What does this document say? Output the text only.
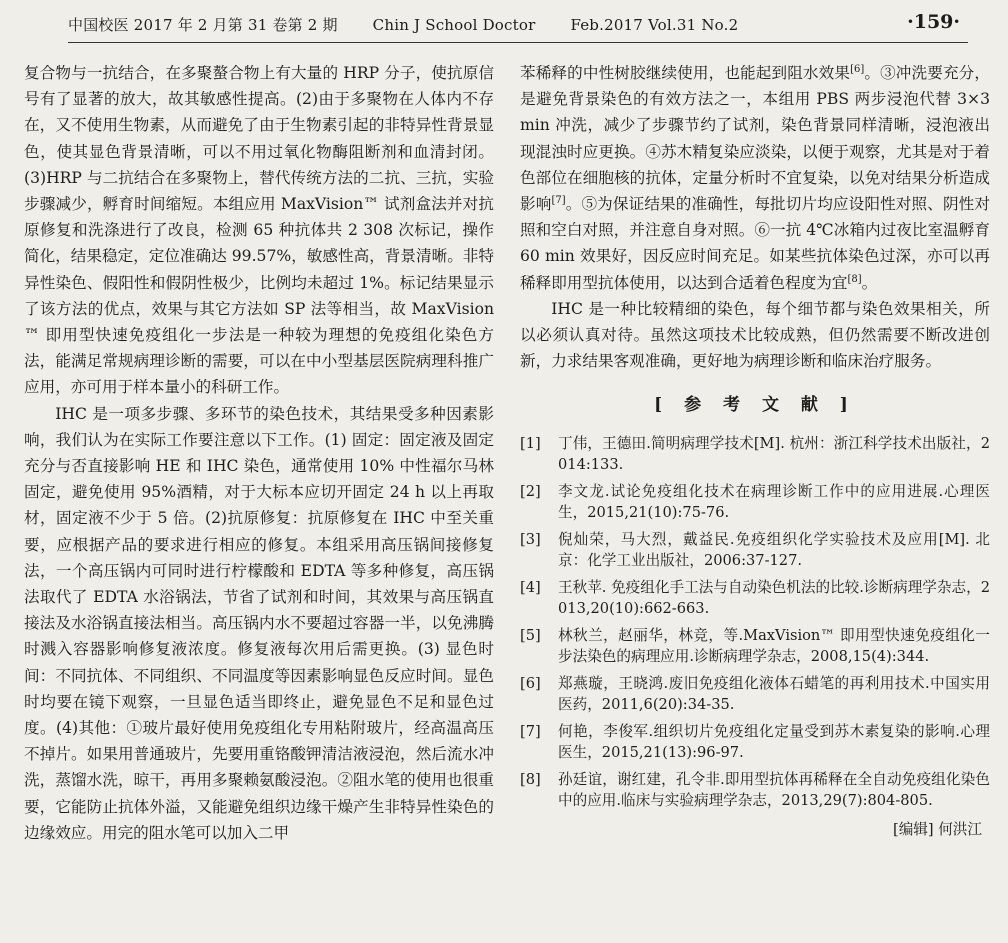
中国校医 2017 年 2 月第 31 卷第 2 期 Chin J School Doctor Feb.2017 Vol.31 No.2	·159·

复合物与一抗结合，在多聚螯合物上有大量的 HRP 分子，使抗原信号有了显著的放大，故其敏感性提高。(2)由于多聚物在人体内不存在，又不使用生物素，从而避免了由于生物素引起的非特异性背景显色，使其显色背景清晰，可以不用过氧化物酶阻断剂和血清封闭。(3)HRP 与二抗结合在多聚物上，替代传统方法的二抗、三抗，实验步骤减少，孵育时间缩短。本组应用 MaxVision™ 试剂盒法并对抗原修复和洗涤进行了改良，检测 65 种抗体共 2 308 次标记，操作简化，结果稳定，定位准确达 99.57%，敏感性高，背景清晰。非特异性染色、假阳性和假阴性极少，比例均未超过 1%。标记结果显示了该方法的优点，效果与其它方法如 SP 法等相当，故 MaxVision™ 即用型快速免疫组化一步法是一种较为理想的免疫组化染色方法，能满足常规病理诊断的需要，可以在中小型基层医院病理科推广应用，亦可用于样本量小的科研工作。

IHC 是一项多步骤、多环节的染色技术，其结果受多种因素影响，我们认为在实际工作要注意以下工作。(1) 固定：固定液及固定充分与否直接影响 HE 和 IHC 染色，通常使用 10% 中性福尔马林固定，避免使用 95%酒精，对于大标本应切开固定 24 h 以上再取材，固定液不少于 5 倍。(2)抗原修复：抗原修复在 IHC 中至关重要，应根据产品的要求进行相应的修复。本组采用高压锅间接修复法，一个高压锅内可同时进行柠檬酸和 EDTA 等多种修复，高压锅法取代了 EDTA 水浴锅法，节省了试剂和时间，其效果与高压锅直接法及水浴锅直接法相当。高压锅内水不要超过容器一半，以免沸腾时溅入容器影响修复液浓度。修复液每次用后需更换。(3) 显色时间：不同抗体、不同组织、不同温度等因素影响显色反应时间。显色时均要在镜下观察，一旦显色适当即终止，避免显色不足和显色过度。(4)其他：①玻片最好使用免疫组化专用粘附玻片，经高温高压不掉片。如果用普通玻片，先要用重铬酸钾清洁液浸泡，然后流水冲洗，蒸馏水洗，晾干，再用多聚赖氨酸浸泡。②阻水笔的使用也很重要，它能防止抗体外溢，又能避免组织边缘干燥产生非特异性染色的边缘效应。用完的阻水笔可以加入二甲

苯稀释的中性树胶继续使用，也能起到阻水效果[6]。③冲洗要充分，是避免背景染色的有效方法之一，本组用 PBS 两步浸泡代替 3×3 min 冲洗，减少了步骤节约了试剂，染色背景同样清晰，浸泡液出现混浊时应更换。④苏木精复染应淡染，以便于观察，尤其是对于着色部位在细胞核的抗体，定量分析时不宜复染，以免对结果分析造成影响[7]。⑤为保证结果的准确性，每批切片均应设阳性对照、阴性对照和空白对照，并注意自身对照。⑥一抗 4℃冰箱内过夜比室温孵育 60 min 效果好，因反应时间充足。如某些抗体染色过深，亦可以再稀释即用型抗体使用，以达到合适着色程度为宜[8]。

IHC 是一种比较精细的染色，每个细节都与染色效果相关，所以必须认真对待。虽然这项技术比较成熟，但仍然需要不断改进创新，力求结果客观准确，更好地为病理诊断和临床治疗服务。

[ 参 考 文 献 ]
[1]	丁伟，王德田.简明病理学技术[M]. 杭州：浙江科学技术出版社，2014:133.
[2]	李文龙.试论免疫组化技术在病理诊断工作中的应用进展.心理医生，2015,21(10):75-76.
[3]	倪灿荣，马大烈，戴益民.免疫组织化学实验技术及应用[M]. 北京：化学工业出版社，2006:37-127.
[4]	王秋苹. 免疫组化手工法与自动染色机法的比较.诊断病理学杂志，2013,20(10):662-663.
[5]	林秋兰，赵丽华，林竞，等.MaxVision™ 即用型快速免疫组化一步法染色的病理应用.诊断病理学杂志，2008,15(4):344.
[6]	郑燕璇，王晓鸿.废旧免疫组化液体石蜡笔的再利用技术.中国实用医药，2011,6(20):34-35.
[7]	何艳，李俊军.组织切片免疫组化定量受到苏木素复染的影响.心理医生，2015,21(13):96-97.
[8]	孙廷谊，谢红建，孔令非.即用型抗体再稀释在全自动免疫组化染色中的应用.临床与实验病理学杂志，2013,29(7):804-805.
[编辑] 何洪江
